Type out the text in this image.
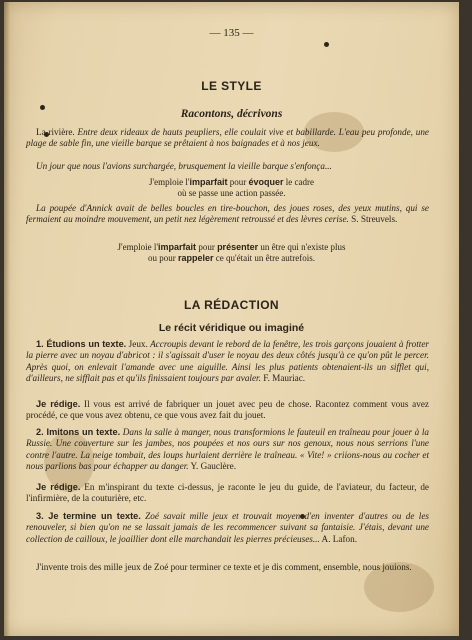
— 135 —
LE STYLE
Racontons, décrivons

La rivière. Entre deux rideaux de hauts peupliers, elle coulait vive et babillarde. L'eau peu profonde, une plage de sable fin, une vieille barque se prêtaient à nos baignades et à nos jeux.

Un jour que nous l'avions surchargée, brusquement la vieille barque s'enfonça...

J'emploie l'imparfait pour évoquer le cadre
où se passe une action passée.

La poupée d'Annick avait de belles boucles en tire-bouchon, des joues roses, des yeux mutins, qui se fermaient au moindre mouvement, un petit nez légèrement retroussé et des lèvres cerise. S. Streuvels.

J'emploie l'imparfait pour présenter un être qui n'existe plus
ou pour rappeler ce qu'était un être autrefois.
LA RÉDACTION
Le récit véridique ou imaginé

1. Étudions un texte. Jeux. Accroupis devant le rebord de la fenêtre, les trois garçons jouaient à frotter la pierre avec un noyau d'abricot : il s'agissait d'user le noyau des deux côtés jusqu'à ce qu'on pût le percer. Après quoi, on enlevait l'amande avec une aiguille. Ainsi les plus patients obtenaient-ils un sifflet qui, d'ailleurs, ne sifflait pas et qu'ils finissaient toujours par avaler. F. Mauriac.

Je rédige. Il vous est arrivé de fabriquer un jouet avec peu de chose. Racontez comment vous avez procédé, ce que vous avez obtenu, ce que vous avez fait du jouet.

2. Imitons un texte. Dans la salle à manger, nous transformions le fauteuil en traîneau pour jouer à la Russie. Une couverture sur les jambes, nos poupées et nos ours sur nos genoux, nous nous serrions l'une contre l'autre. La neige tombait, des loups hurlaient derrière le traîneau. « Vite! » criions-nous au cocher et nous parlions bas pour échapper au danger. Y. Gauclère.

Je rédige. En m'inspirant du texte ci-dessus, je raconte le jeu du guide, de l'aviateur, du facteur, de l'infirmière, de la couturière, etc.

3. Je termine un texte. Zoé savait mille jeux et trouvait moyen d'en inventer d'autres ou de les renouveler, si bien qu'on ne se lassait jamais de les recommencer suivant sa fantaisie. J'étais, devant une collection de cailloux, le joaillier dont elle marchandait les pierres précieuses... A. Lafon.

J'invente trois des mille jeux de Zoé pour terminer ce texte et je dis comment, ensemble, nous jouions.
